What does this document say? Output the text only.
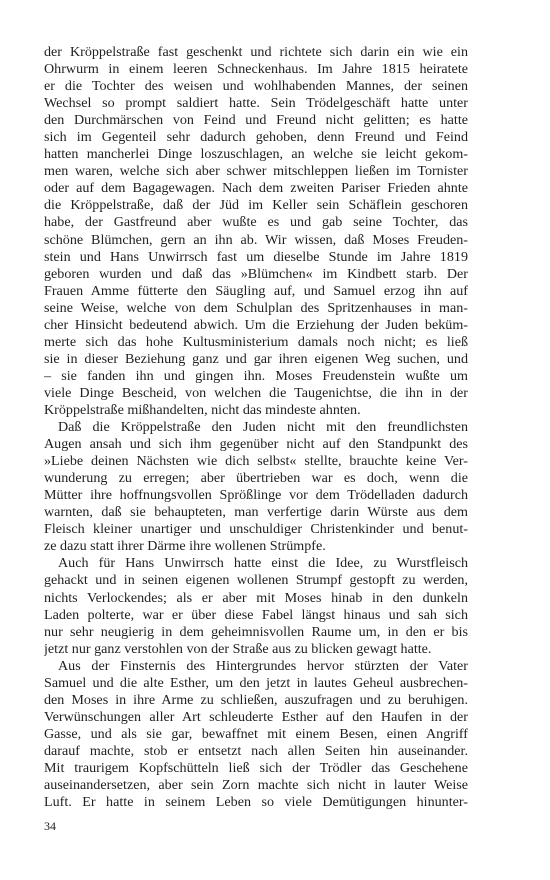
der Kröppelstraße fast geschenkt und richtete sich darin ein wie ein
Ohrwurm in einem leeren Schneckenhaus. Im Jahre 1815 heiratete
er die Tochter des weisen und wohlhabenden Mannes, der seinen
Wechsel so prompt saldiert hatte. Sein Trödelgeschäft hatte unter
den Durchmärschen von Feind und Freund nicht gelitten; es hatte
sich im Gegenteil sehr dadurch gehoben, denn Freund und Feind
hatten mancherlei Dinge loszuschlagen, an welche sie leicht gekom-
men waren, welche sich aber schwer mitschleppen ließen im Tornister
oder auf dem Bagagewagen. Nach dem zweiten Pariser Frieden ahnte
die Kröppelstraße, daß der Jüd im Keller sein Schäflein geschoren
habe, der Gastfreund aber wußte es und gab seine Tochter, das
schöne Blümchen, gern an ihn ab. Wir wissen, daß Moses Freuden-
stein und Hans Unwirrsch fast um dieselbe Stunde im Jahre 1819
geboren wurden und daß das »Blümchen« im Kindbett starb. Der
Frauen Amme fütterte den Säugling auf, und Samuel erzog ihn auf
seine Weise, welche von dem Schulplan des Spritzenhauses in man-
cher Hinsicht bedeutend abwich. Um die Erziehung der Juden beküm-
merte sich das hohe Kultusministerium damals noch nicht; es ließ
sie in dieser Beziehung ganz und gar ihren eigenen Weg suchen, und
– sie fanden ihn und gingen ihn. Moses Freudenstein wußte um
viele Dinge Bescheid, von welchen die Taugenichtse, die ihn in der
Kröppelstraße mißhandelten, nicht das mindeste ahnten.
Daß die Kröppelstraße den Juden nicht mit den freundlichsten
Augen ansah und sich ihm gegenüber nicht auf den Standpunkt des
»Liebe deinen Nächsten wie dich selbst« stellte, brauchte keine Ver-
wunderung zu erregen; aber übertrieben war es doch, wenn die
Mütter ihre hoffnungsvollen Sprößlinge vor dem Trödelladen dadurch
warnten, daß sie behaupteten, man verfertige darin Würste aus dem
Fleisch kleiner unartiger und unschuldiger Christenkinder und benut-
ze dazu statt ihrer Därme ihre wollenen Strümpfe.
Auch für Hans Unwirrsch hatte einst die Idee, zu Wurstfleisch
gehackt und in seinen eigenen wollenen Strumpf gestopft zu werden,
nichts Verlockendes; als er aber mit Moses hinab in den dunkeln
Laden polterte, war er über diese Fabel längst hinaus und sah sich
nur sehr neugierig in dem geheimnisvollen Raume um, in den er bis
jetzt nur ganz verstohlen von der Straße aus zu blicken gewagt hatte.
Aus der Finsternis des Hintergrundes hervor stürzten der Vater
Samuel und die alte Esther, um den jetzt in lautes Geheul ausbrechen-
den Moses in ihre Arme zu schließen, auszufragen und zu beruhigen.
Verwünschungen aller Art schleuderte Esther auf den Haufen in der
Gasse, und als sie gar, bewaffnet mit einem Besen, einen Angriff
darauf machte, stob er entsetzt nach allen Seiten hin auseinander.
Mit traurigem Kopfschütteln ließ sich der Trödler das Geschehene
auseinandersetzen, aber sein Zorn machte sich nicht in lauter Weise
Luft. Er hatte in seinem Leben so viele Demütigungen hinunter-
34
